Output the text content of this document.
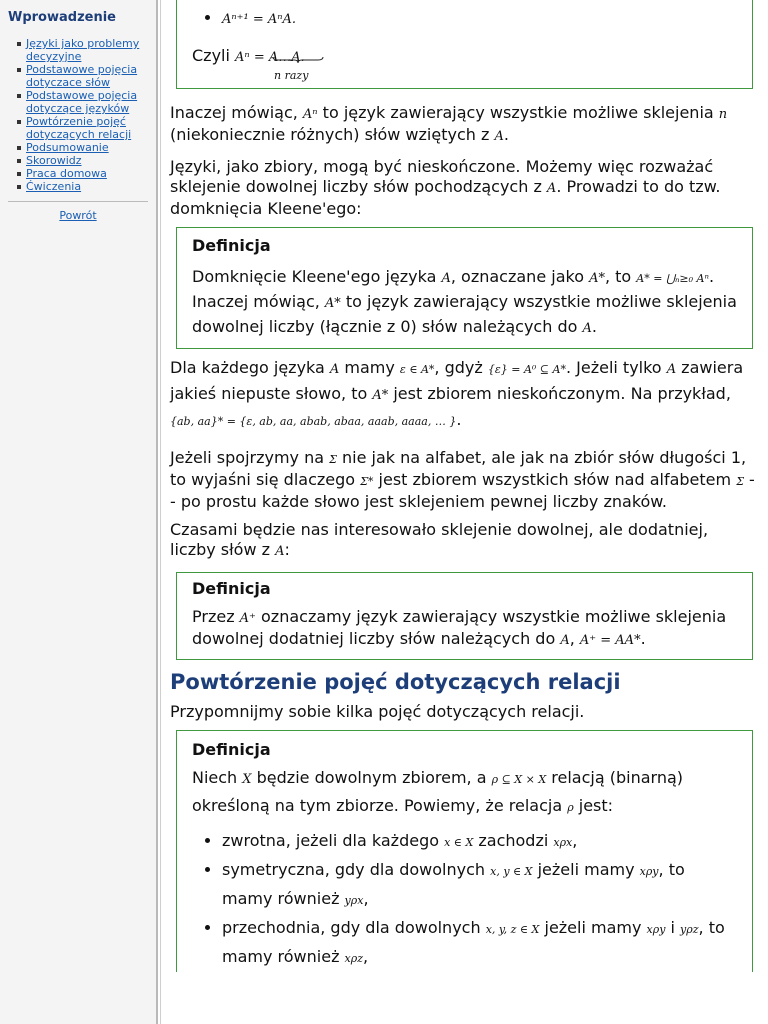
Wprowadzenie
Języki jako problemy decyzyjne
Podstawowe pojęcia dotyczace słów
Podstawowe pojęcia dotyczące języków
Powtórzenie pojęć dotyczących relacji
Podsumowanie
Skorowidz
Praca domowa
Ćwiczenia
Powrót
• Aⁿ⁺¹ = AⁿA.
Czyli Aⁿ = A…A.
n razy

Inaczej mówiąc, Aⁿ to język zawierający wszystkie możliwe sklejenia n (niekoniecznie różnych) słów wziętych z A.

Języki, jako zbiory, mogą być nieskończone. Możemy więc rozważać sklejenie dowolnej liczby słów pochodzących z A. Prowadzi to do tzw. domknięcia Kleene'ego:

Definicja
Domknięcie Kleene'ego języka A, oznaczane jako A*, to A* = ⋃ₙ≥₀ Aⁿ. Inaczej mówiąc, A* to język zawierający wszystkie możliwe sklejenia dowolnej liczby (łącznie z 0) słów należących do A.

Dla każdego języka A mamy ε ∈ A*, gdyż {ε} = A⁰ ⊆ A*. Jeżeli tylko A zawiera jakieś niepuste słowo, to A* jest zbiorem nieskończonym. Na przykład,
{ab, aa}* = {ε, ab, aa, abab, abaa, aaab, aaaa, … }.

Jeżeli spojrzymy na Σ nie jak na alfabet, ale jak na zbiór słów długości 1, to wyjaśni się dlaczego Σ* jest zbiorem wszystkich słów nad alfabetem Σ -- po prostu każde słowo jest sklejeniem pewnej liczby znaków.

Czasami będzie nas interesowało sklejenie dowolnej, ale dodatniej, liczby słów z A:

Definicja
Przez A⁺ oznaczamy język zawierający wszystkie możliwe sklejenia dowolnej dodatniej liczby słów należących do A, A⁺ = AA*.
Powtórzenie pojęć dotyczących relacji

Przypomnijmy sobie kilka pojęć dotyczących relacji.

Definicja
Niech X będzie dowolnym zbiorem, a ρ ⊆ X × X relacją (binarną) określoną na tym zbiorze. Powiemy, że relacja ρ jest:
• zwrotna, jeżeli dla każdego x ∈ X zachodzi xρx,
• symetryczna, gdy dla dowolnych x, y ∈ X jeżeli mamy xρy, to mamy również yρx,
• przechodnia, gdy dla dowolnych x, y, z ∈ X jeżeli mamy xρy i yρz, to mamy również xρz,
